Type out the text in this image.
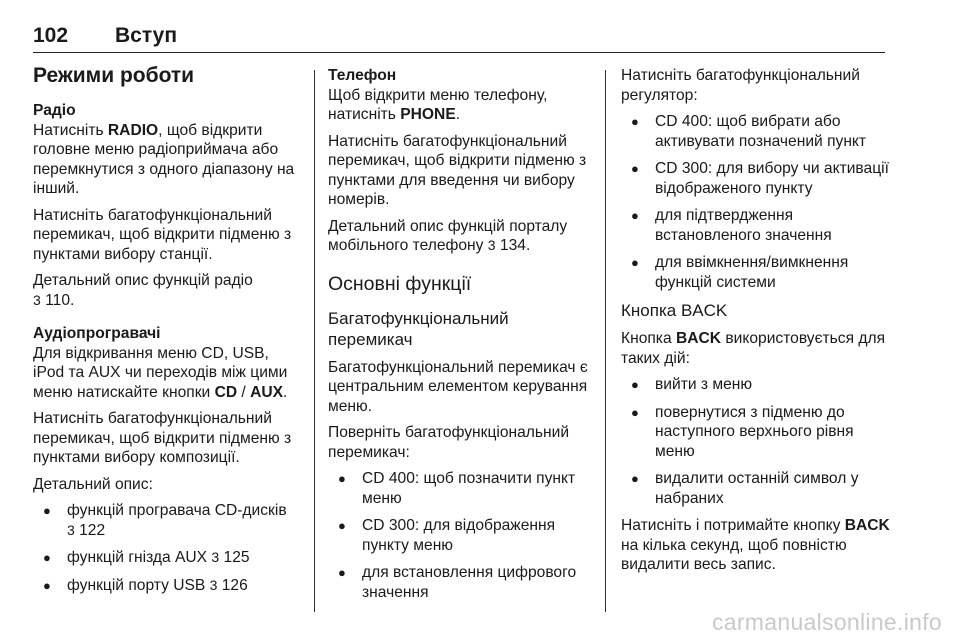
102 Вступ
Режими роботи
Радіо

Натисніть RADIO, щоб відкрити головне меню радіоприймача або перемкнутися з одного діапазону на інший.

Натисніть багатофункціональний перемикач, щоб відкрити підменю з пунктами вибору станції.

Детальний опис функцій радіо
3 110.

Аудіопрогравачі

Для відкривання меню CD, USB, iPod та AUX чи переходів між цими меню натискайте кнопки CD / AUX.

Натисніть багатофункціональний перемикач, щоб відкрити підменю з пунктами вибору композиції.

Детальний опис:

● функцій програвача CD-дисків
3 122
● функцій гнізда AUX 3 125
● функцій порту USB 3 126
Телефон

Щоб відкрити меню телефону, натисніть PHONE.

Натисніть багатофункціональний перемикач, щоб відкрити підменю з пунктами для введення чи вибору номерів.

Детальний опис функцій порталу мобільного телефону 3 134.

Основні функції
Багатофункціональний перемикач

Багатофункціональний перемикач є центральним елементом керування меню.

Поверніть багатофункціональний перемикач:

● CD 400: щоб позначити пункт меню
● CD 300: для відображення пункту меню
● для встановлення цифрового значення

Натисніть багатофункціональний регулятор:

● CD 400: щоб вибрати або активувати позначений пункт
● CD 300: для вибору чи активації відображеного пункту
● для підтвердження встановленого значення
● для ввімкнення/вимкнення функцій системи
Кнопка BACK

Кнопка BACK використовується для таких дій:

● вийти з меню
● повернутися з підменю до наступного верхнього рівня меню
● видалити останній символ у набраних

Натисніть і потримайте кнопку BACK на кілька секунд, щоб повністю видалити весь запис.

carmanualsonline.info
